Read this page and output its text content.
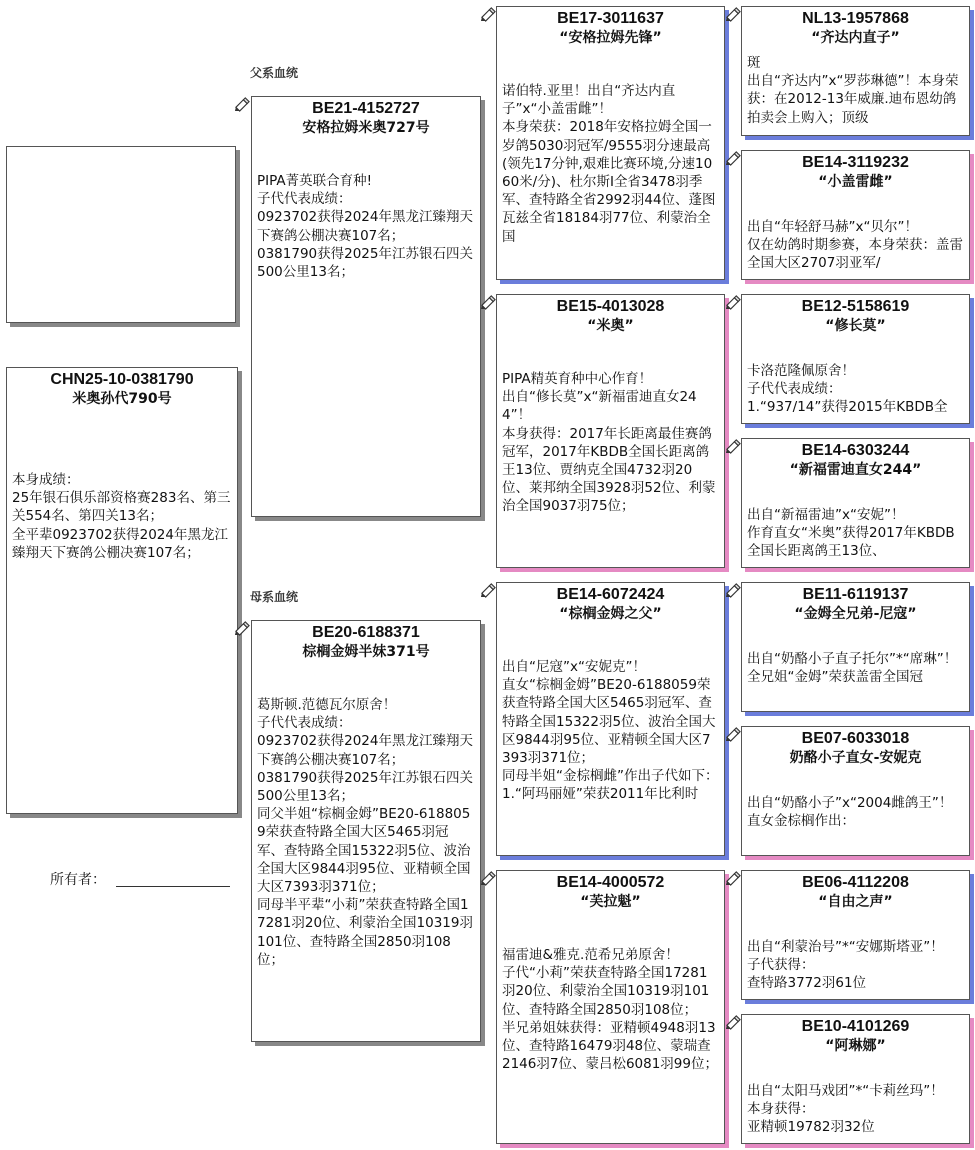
CHN25-10-0381790
米奥孙代790号
本身成绩：
25年银石俱乐部资格赛283名、第三关554名、第四关13名；
全平辈0923702获得2024年黑龙江臻翔天下赛鸽公棚决赛107名；
所有者：
父系血统
母系血统
BE21-4152727
安格拉姆米奥727号
PIPA菁英联合育种!
子代代表成绩：
0923702获得2024年黑龙江臻翔天下赛鸽公棚决赛107名；
0381790获得2025年江苏银石四关500公里13名；
BE20-6188371
棕榈金姆半妹371号
葛斯顿.范德瓦尔原舍！
子代代表成绩：
0923702获得2024年黑龙江臻翔天下赛鸽公棚决赛107名；
0381790获得2025年江苏银石四关500公里13名；
同父半姐“棕榈金姆”BE20-6188059荣获查特路全国大区5465羽冠军、查特路全国15322羽5位、波治全国大区9844羽95位、亚精顿全国大区7393羽371位；
同母半平辈“小莉”荣获查特路全国17281羽20位、利蒙治全国10319羽101位、查特路全国2850羽108位；
BE17-3011637
“安格拉姆先锋”
诺伯特.亚里！出自“齐达内直子”x“小盖雷雌”！
本身荣获：2018年安格拉姆全国一岁鸽5030羽冠军/9555羽分速最高(领先17分钟,艰难比赛环境,分速1060米/分)、杜尔斯I全省3478羽季军、查特路全省2992羽44位、蓬图瓦兹全省18184羽77位、利蒙治全国
BE15-4013028
“米奥”
PIPA精英育种中心作育！
出自“修长莫”x“新福雷迪直女244”！
本身获得：2017年长距离最佳赛鸽冠军，2017年KBDB全国长距离鸽王13位、贾纳克全国4732羽20位、莱邦纳全国3928羽52位、利蒙治全国9037羽75位；
BE14-6072424
“棕榈金姆之父”
出自“尼寇”x“安妮克”！
直女“棕榈金姆”BE20-6188059荣获查特路全国大区5465羽冠军、查特路全国15322羽5位、波治全国大区9844羽95位、亚精顿全国大区7393羽371位；
同母半姐“金棕榈雌”作出子代如下：
1.“阿玛丽娅”荣获2011年比利时
BE14-4000572
“芙拉魁”
福雷迪&雅克.范希兄弟原舍！
子代“小莉”荣获查特路全国17281羽20位、利蒙治全国10319羽101位、查特路全国2850羽108位；
半兄弟姐妹获得：亚精顿4948羽13位、查特路16479羽48位、蒙瑞查2146羽7位、蒙吕松6081羽99位；
NL13-1957868
“齐达内直子”
斑
出自“齐达内”x“罗莎琳德”！本身荣获：在2012-13年威廉.迪布恩幼鸽拍卖会上购入；顶级
BE14-3119232
“小盖雷雌”
出自“年轻舒马赫”x“贝尔”！
仅在幼鸽时期参赛，本身荣获：盖雷全国大区2707羽亚军/
BE12-5158619
“修长莫”
卡洛范隆佩原舍！
子代代表成绩：
1.“937/14”获得2015年KBDB全
BE14-6303244
“新福雷迪直女244”
出自“新福雷迪”x“安妮”！
作育直女“米奥”获得2017年KBDB全国长距离鸽王13位、
BE11-6119137
“金姆全兄弟-尼寇”
出自“奶酪小子直子托尔”*“席琳”！
全兄姐“金姆”荣获盖雷全国冠
BE07-6033018
奶酪小子直女-安妮克
出自“奶酪小子”x“2004雌鸽王”！
直女金棕榈作出：
BE06-4112208
“自由之声”
出自“利蒙治号”*“安娜斯塔亚”！
子代获得：
查特路3772羽61位
BE10-4101269
“阿琳娜”
出自“太阳马戏团”*“卡莉丝玛”！
本身获得：
亚精顿19782羽32位
